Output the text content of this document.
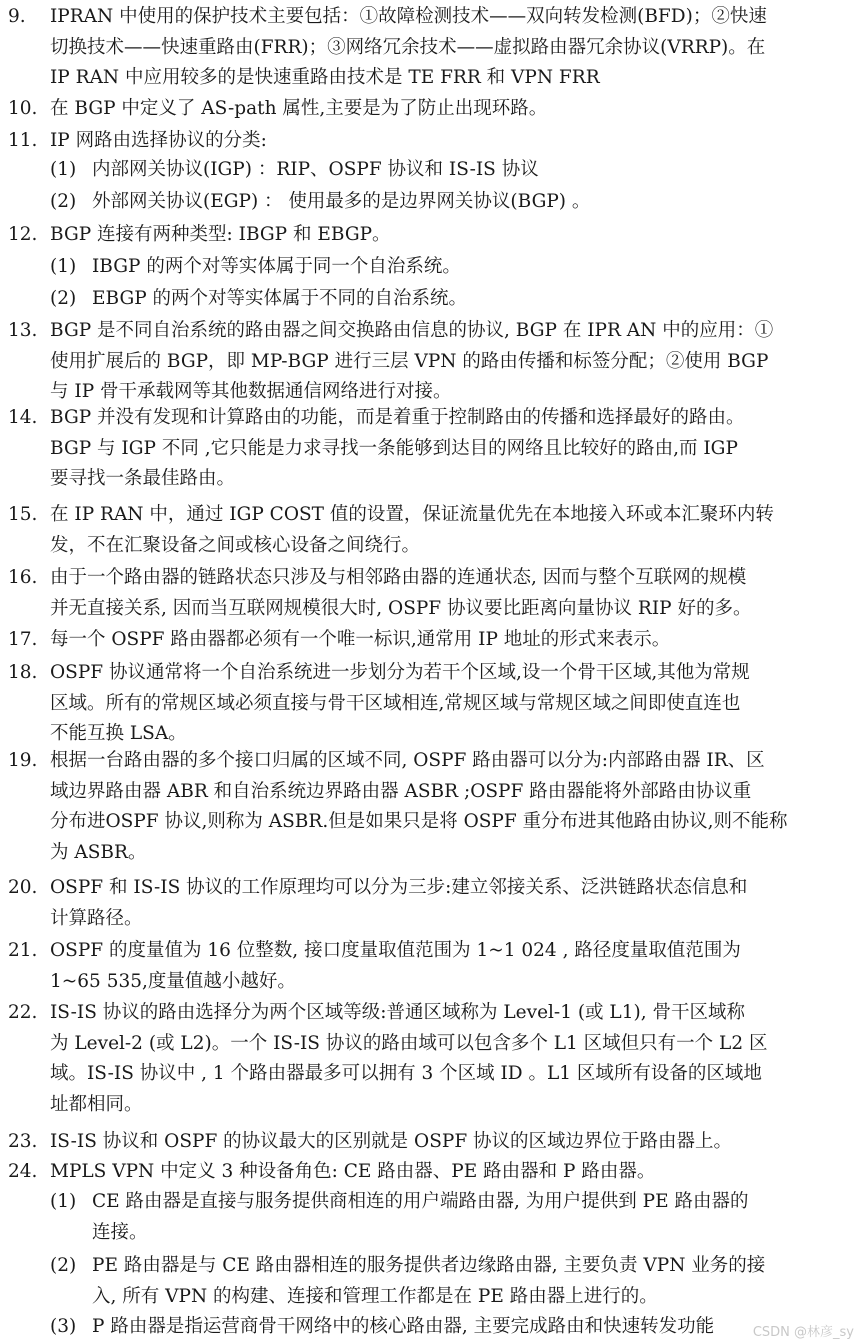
9.	IPRAN 中使用的保护技术主要包括：①故障检测技术——双向转发检测(BFD)；②快速
切换技术——快速重路由(FRR)；③网络冗余技术——虚拟路由器冗余协议(VRRP)。在
IP RAN 中应用较多的是快速重路由技术是 TE FRR 和 VPN FRR
10. 在 BGP 中定义了 AS-path 属性,主要是为了防止出现环路。
11. IP 网路由选择协议的分类:
(1) 内部网关协议(IGP) ：RIP、OSPF 协议和 IS-IS 协议
(2) 外部网关协议(EGP) ： 使用最多的是边界网关协议(BGP) 。
12. BGP 连接有两种类型: IBGP 和 EBGP。
(1) IBGP 的两个对等实体属于同一个自治系统。
(2) EBGP 的两个对等实体属于不同的自治系统。
13. BGP 是不同自治系统的路由器之间交换路由信息的协议, BGP 在 IPR AN 中的应用：①
使用扩展后的 BGP，即 MP-BGP 进行三层 VPN 的路由传播和标签分配；②使用 BGP
与 IP 骨干承载网等其他数据通信网络进行对接。
14. BGP 并没有发现和计算路由的功能，而是着重于控制路由的传播和选择最好的路由。
BGP 与 IGP 不同 ,它只能是力求寻找一条能够到达目的网络且比较好的路由,而 IGP
要寻找一条最佳路由。
15. 在 IP RAN 中，通过 IGP COST 值的设置，保证流量优先在本地接入环或本汇聚环内转
发，不在汇聚设备之间或核心设备之间绕行。
16. 由于一个路由器的链路状态只涉及与相邻路由器的连通状态, 因而与整个互联网的规模
并无直接关系, 因而当互联网规模很大时, OSPF 协议要比距离向量协议 RIP 好的多。
17. 每一个 OSPF 路由器都必须有一个唯一标识,通常用 IP 地址的形式来表示。
18. OSPF 协议通常将一个自治系统进一步划分为若干个区域,设一个骨干区域,其他为常规
区域。所有的常规区域必须直接与骨干区域相连,常规区域与常规区域之间即使直连也
不能互换 LSA。
19. 根据一台路由器的多个接口归属的区域不同, OSPF 路由器可以分为:内部路由器 IR、区
域边界路由器 ABR 和自治系统边界路由器 ASBR ;OSPF 路由器能将外部路由协议重
分布进OSPF 协议,则称为 ASBR.但是如果只是将 OSPF 重分布进其他路由协议,则不能称
为 ASBR。
20. OSPF 和 IS-IS 协议的工作原理均可以分为三步:建立邻接关系、泛洪链路状态信息和
计算路径。
21. OSPF 的度量值为 16 位整数, 接口度量取值范围为 1~1 024 , 路径度量取值范围为
1~65 535,度量值越小越好。
22. IS-IS 协议的路由选择分为两个区域等级:普通区域称为 Level-1 (或 L1), 骨干区域称
为 Level-2 (或 L2)。一个 IS-IS 协议的路由域可以包含多个 L1 区域但只有一个 L2 区
域。IS-IS 协议中 , 1 个路由器最多可以拥有 3 个区域 ID 。L1 区域所有设备的区域地
址都相同。
23. IS-IS 协议和 OSPF 的协议最大的区别就是 OSPF 协议的区域边界位于路由器上。
24. MPLS VPN 中定义 3 种设备角色: CE 路由器、PE 路由器和 P 路由器。
(1) CE 路由器是直接与服务提供商相连的用户端路由器, 为用户提供到 PE 路由器的
连接。
(2) PE 路由器是与 CE 路由器相连的服务提供者边缘路由器, 主要负责 VPN 业务的接
入, 所有 VPN 的构建、连接和管理工作都是在 PE 路由器上进行的。
(3) P 路由器是指运营商骨干网络中的核心路由器, 主要完成路由和快速转发功能	CSDN @林彦_sy
